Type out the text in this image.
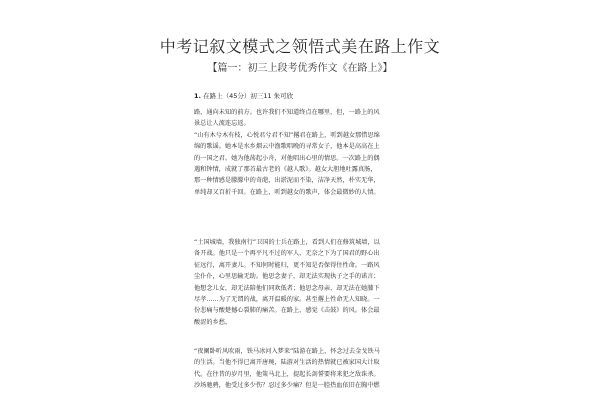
中考记叙文模式之领悟式美在路上作文
【篇一：初三上段考优秀作文《在路上》】
1. 在路上（45分）初三11 朱可欣
路，通向未知的前方。也许我们不知道终点在哪里，但，一路上的风
景总让人流连忘返。
“山有木兮木有枝，心悦君兮君不知”撂君在路上，听到越女那惜思绵
绵的歌谣。她本是水乡烟云中渔歌唱晚的寻常女子，他本是高高在上
的一国之君。她为他荡起小舟，对他唱出心里的情思。一次路上的偶
遇和钟情，成就了那首最古老的《越人歌》。越女大胆地吐露真肠，
那一种情感是朦朦中的奇葩，出淤泥而不染，洁净天然，朴实无华，
单纯却又百折千回。在路上，听到越女的歌声，体会最微妙的人情。
“土国城墙，我独南行”卫国的士兵在路上，看到人们在修筑城墙，以
备开战。他只是一个再平凡不过的军人，无奈之下为了国君的野心出
征远行，离开妻儿。不知何时能归，更不知是否保得住性命。一路风
尘仆仆，心里思输无助。他思念妻子，却无法实现执子之手的诺言；
他想念儿女，却无法陪他们同欢低者；他思念母亲，却无法在她膝下
尽孝……为了无谓的战，离开温暖的家。甚至撂上性命无人知晓。一
份悲痛与酸楚撼心裂肺的痛苦。在路上，感觉《击鼓》的风。体会最
酸涩的乡愁。
“夜阑卧听风吹雨，铁马冰河入梦来”陆游在路上，怀念过去金戈铁马
的生活。当他不得已离开唐琬，陆游对生活的热情就已被家国大计取
代。在往昔的岁月里，他策马北上，提起长剑誓要将来犯之敌诛杀。
沙场驰骋，他受过多少伤？忍过多少痛？但是一腔热血依旧在胸中燃
